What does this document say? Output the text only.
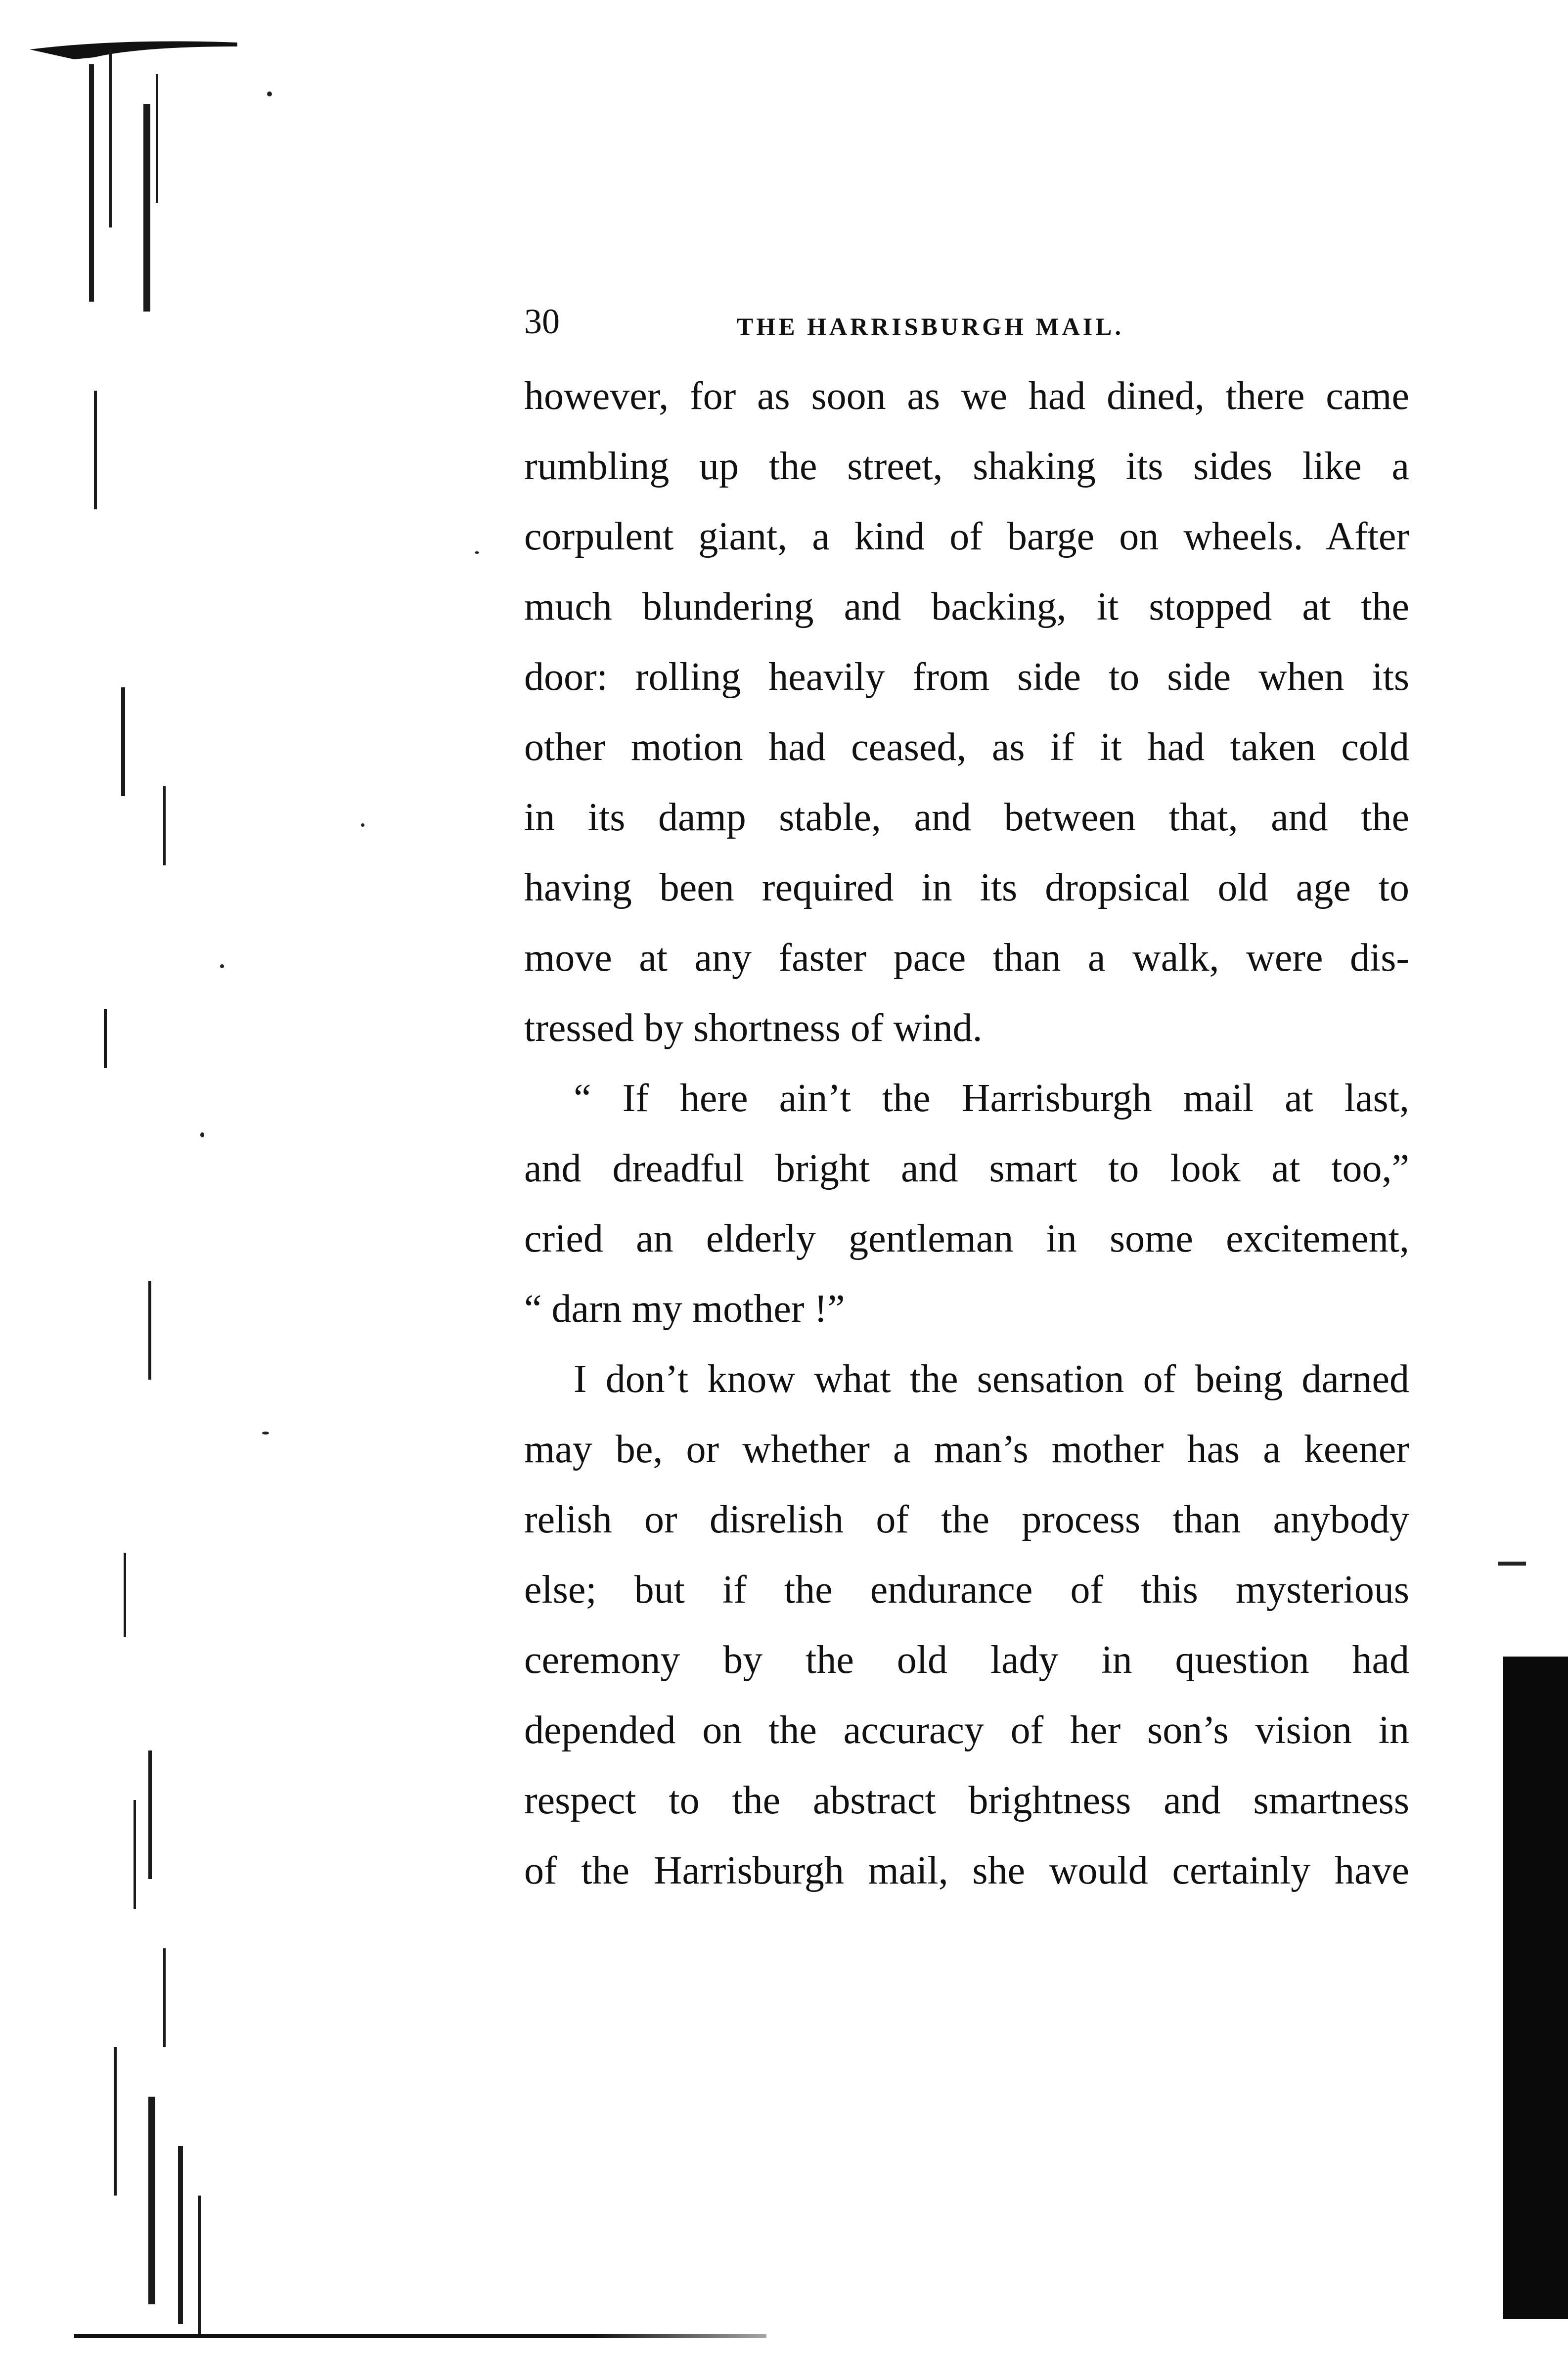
30	THE HARRISBURGH MAIL.
however, for as soon as we had dined, there came
rumbling up the street, shaking its sides like a
corpulent giant, a kind of barge on wheels. After
much blundering and backing, it stopped at the
door: rolling heavily from side to side when its
other motion had ceased, as if it had taken cold
in its damp stable, and between that, and the
having been required in its dropsical old age to
move at any faster pace than a walk, were dis-
tressed by shortness of wind.
“ If here ain’t the Harrisburgh mail at last,
and dreadful bright and smart to look at too,”
cried an elderly gentleman in some excitement,
“ darn my mother !”
I don’t know what the sensation of being darned
may be, or whether a man’s mother has a keener
relish or disrelish of the process than anybody
else; but if the endurance of this mysterious
ceremony by the old lady in question had
depended on the accuracy of her son’s vision in
respect to the abstract brightness and smartness
of the Harrisburgh mail, she would certainly have
